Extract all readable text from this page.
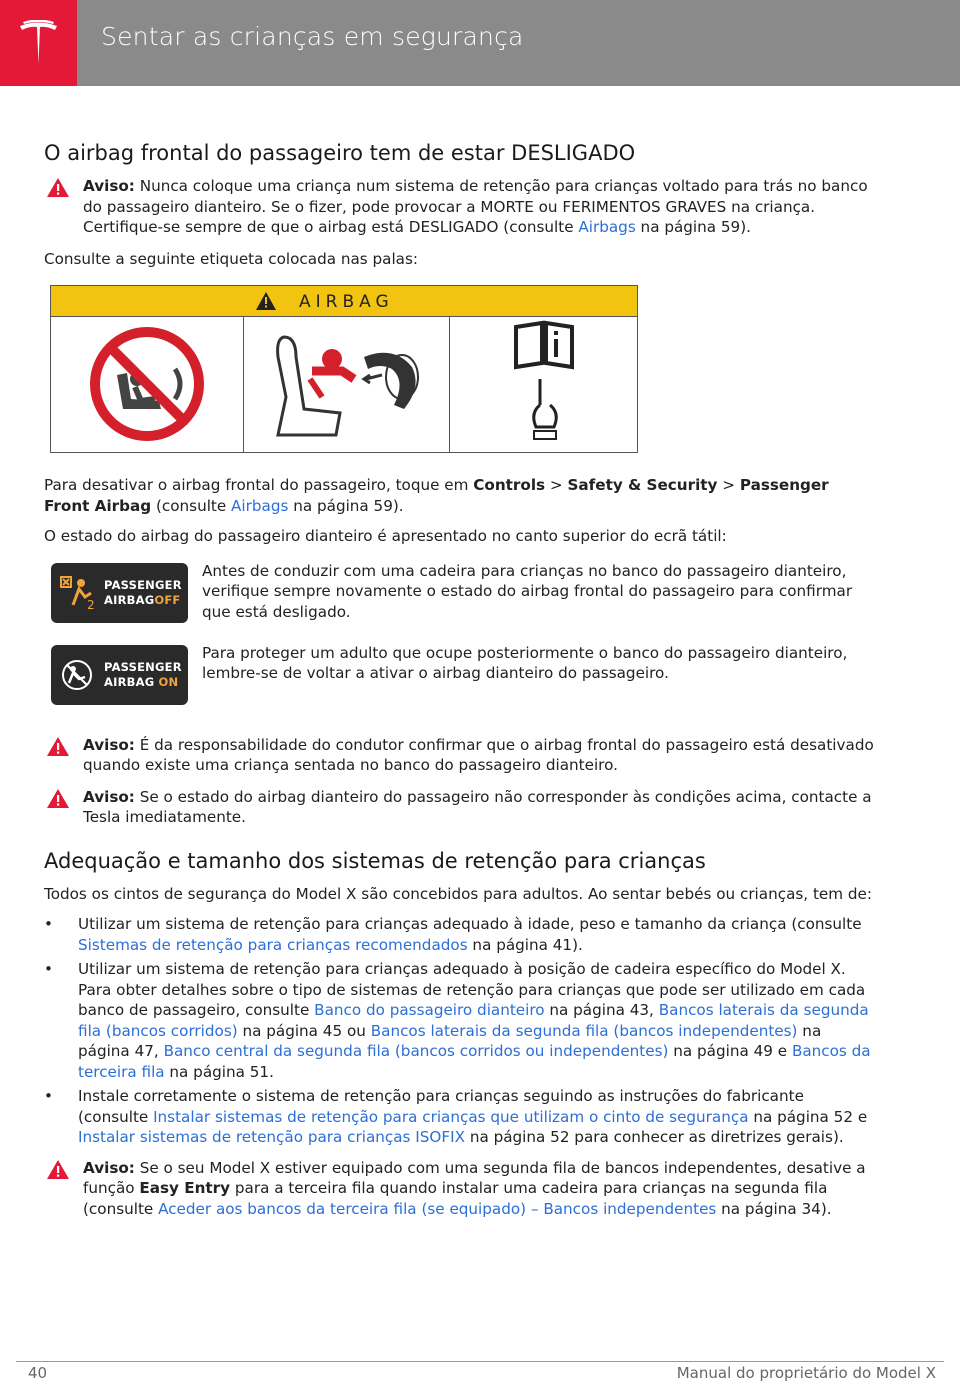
Sentar as crianças em segurança
O airbag frontal do passageiro tem de estar DESLIGADO
Aviso: Nunca coloque uma criança num sistema de retenção para crianças voltado para trás no banco do passageiro dianteiro. Se o fizer, pode provocar a MORTE ou FERIMENTOS GRAVES na criança. Certifique-se sempre de que o airbag está DESLIGADO (consulte Airbags na página 59).

Consulte a seguinte etiqueta colocada nas palas:

AIRBAG

Para desativar o airbag frontal do passageiro, toque em Controls > Safety & Security > Passenger Front Airbag (consulte Airbags na página 59).

O estado do airbag do passageiro dianteiro é apresentado no canto superior do ecrã tátil:

2
PASSENGER
AIRBAGOFF
Antes de conduzir com uma cadeira para crianças no banco do passageiro dianteiro, verifique sempre novamente o estado do airbag frontal do passageiro para confirmar que está desligado.
PASSENGER
AIRBAG ON
Para proteger um adulto que ocupe posteriormente o banco do passageiro dianteiro, lembre-se de voltar a ativar o airbag dianteiro do passageiro.
Aviso: É da responsabilidade do condutor confirmar que o airbag frontal do passageiro está desativado quando existe uma criança sentada no banco do passageiro dianteiro.
Aviso: Se o estado do airbag dianteiro do passageiro não corresponder às condições acima, contacte a Tesla imediatamente.
Adequação e tamanho dos sistemas de retenção para crianças

Todos os cintos de segurança do Model X são concebidos para adultos. Ao sentar bebés ou crianças, tem de:

• Utilizar um sistema de retenção para crianças adequado à idade, peso e tamanho da criança (consulte Sistemas de retenção para crianças recomendados na página 41).
• Utilizar um sistema de retenção para crianças adequado à posição de cadeira específico do Model X. Para obter detalhes sobre o tipo de sistemas de retenção para crianças que pode ser utilizado em cada banco de passageiro, consulte Banco do passageiro dianteiro na página 43, Bancos laterais da segunda fila (bancos corridos) na página 45 ou Bancos laterais da segunda fila (bancos independentes) na página 47, Banco central da segunda fila (bancos corridos ou independentes) na página 49 e Bancos da terceira fila na página 51.
• Instale corretamente o sistema de retenção para crianças seguindo as instruções do fabricante (consulte Instalar sistemas de retenção para crianças que utilizam o cinto de segurança na página 52 e Instalar sistemas de retenção para crianças ISOFIX na página 52 para conhecer as diretrizes gerais).
Aviso: Se o seu Model X estiver equipado com uma segunda fila de bancos independentes, desative a função Easy Entry para a terceira fila quando instalar uma cadeira para crianças na segunda fila (consulte Aceder aos bancos da terceira fila (se equipado) – Bancos independentes na página 34).
40	Manual do proprietário do Model X
